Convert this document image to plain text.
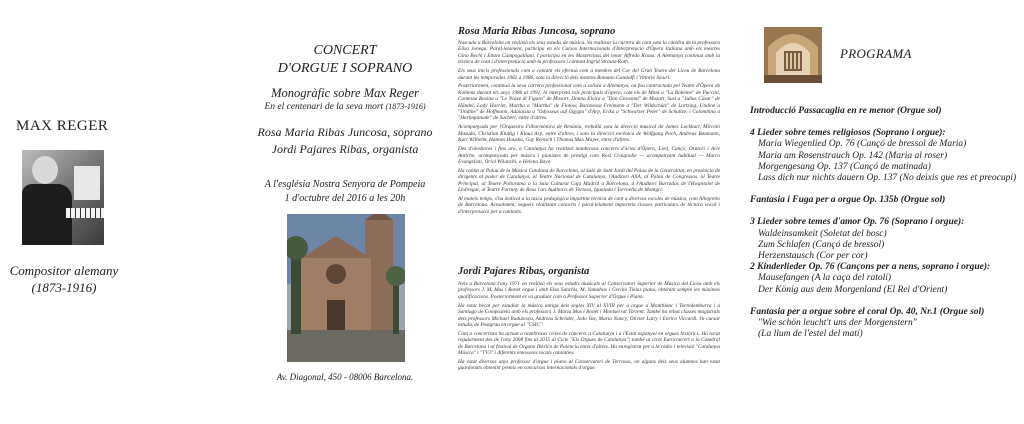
MAX REGER
Compositor alemany
(1873-1916)
CONCERT
D'ORGUE I SOPRANO
Monogràfic sobre Max Reger
En el centenari de la seva mort (1873-1916)
Rosa Maria Ribas Juncosa, soprano
Jordi Pajares Ribas, organista
A l'església Nostra Senyora de Pompeia
1 d'octubre del 2016 a les 20h
Av. Diagonal, 450 - 08006 Barcelona.
Rosa Maria Ribas Juncosa, soprano

Nascuda a Barcelona on realitzà els seus estudis de música. Va realitzar la carrera de cant sota la càtedra de la professora Elisa Jonega. Paral·lelament, participa en els Cursos Internacionals d'Interpretació d'Òpera Italiana amb els mestres Gino Bechi i Ettore Campogalliani. I participa en les Masterclass del tenor Alfredo Kraus. A Alemanya continuà amb la tècnica de cant i d'interpretació amb la professora i cantant Ingrid Strautz-Roth.

Els seus inicis professionals com a cantant els efectuà com a membre del Cor del Gran Teatre del Liceu de Barcelona durant les temporades 1982 a 1986, sota la direcció dels mestres Romano Gandolfi i Vittorio Sicuri.

Posteriorment, continuà la seva carrera professional com a solista a Alemanya, on fou contractada pel Teatre d'Òpera de Koblenz durant els anys 1986 al 1991, hi interpretà rols principals d'òpera, com els de Mimì a "La Bohème" de Puccini, Contessa Rosina a "Le Nozze di Figaro" de Mozart, Donna Elvira a "Don Giovanni" de Mozart, Susi a "Julius Cäsar" de Händel, Lady Harriet, Martha a "Martha" de Flotow, Baronessa Freimann a "Der Wildschütz" de Lortzing, Undine a "Undine" de Hoffmann, Adalaisia a "Odysseus auf Ogygia" d'Arp, Erika a "Schwarzer Peter" de Schultze, i Colombina a "Harlequinade" de Suchert, entre d'altres.

Acompanyada per l'Orquestra Filharmònica de Renània, treballà sota la direcció musical de James Lockhart, Mircolò Masuda, Christian Kluttig i Klaus Arp, entre d'altres, i sota la direcció escènica de Wolfgang Poch, Andreas Baumann, Kurt Wilhelm, Hannes Houska, Guy Reinsch i Thomas Max Mayer, entre d'altres.

Des d'aleshores i fins ara, a Catalunya ha realitzat nombrosos concerts d'àries d'Òpera, Lied, Cançó, Oratori i Arie Antiche, acompanyada per músics i pianistes de prestigi com Rosi Craignolle — acompanyant habitual — Marco Evangelisti, Oriol Wilanchi, o Helena Bayo.

Ha cantat al Palau de la Música Catalana de Barcelona, al Saló de Sant Jordi del Palau de la Generalitat, en presència de dirigents al poder de Catalunya, al Teatre Nacional de Catalunya, l'Auditori AXA, al Palau de Congressos, al Teatre Principal, al Teatre Poliorama o la Sala Cultural Caja Madrid a Barcelona, a l'Auditori Barradas de l'Hospitalet de Llobregat, al Teatre Fortuny de Reus i als Auditoris de Tortosa, Igualada i Torroella de Montgrí.

Al mateix temps, s'ha dedicat a la tasca pedagògica impartint tècnica de cant a diversos escoles de música, com Allegretto de Barcelona. Actualment, segueix realitzant concerts i paral·lelament imparteix classes particulars de tècnica vocal i d'interpretació per a cantants.

Jordi Pajares Ribas, organista

Neix a Barcelona l'any 1971 on realitzà els seus estudis musicals al Conservatori Superior de Música del Liceu amb els professors J. M. Mas i Bonet orgue i amb Elsa Sanchis, M. Yamahoo i Cecilio Tielas piano, obtenint sempre les màximes qualificacions. Posteriorment es va graduar com a Professor Superior d'Orgue i Piano.

Ha estat becat per estudiar la música antiga dels segles XIV al XVIII per a orgue a Montblanc i Torredembarra i a Santiago de Compostela amb els professors J. Maria Mas i Bonet i Montserrat Torrent. També ha rebut classes magistrals dels professors Michael Radulescu, Andreas Schröder, Jodo Vaz, Maria Nancy, Olivier Latry i Enrico Viccardi. Va cursar estudis de Postgrau en orgue al "CSIC".

Com a concertista ha actuat a nombrosos cicles de concerts a Catalunya i a l'Estat espanyol en orgues històrics. Ha tocat regularment des de l'any 2008 fins al 2015 al Cicle "Els Orgues de Catalunya"; també al cicle Euroconcert a la Catedral de Barcelona i al festival de Organo Ibèrico de Palència entre d'altres. Ha enregistrat per a la ràdio i televisió "Catalunya Música" i "TV3" i diferents emissores locals catalanes.

Ha estat diversos anys professor d'orgue i piano al Conservatori de Terrassa, on alguns dels seus alumnes han estat guardonats obtenint premis en concursos internacionals d'orgue.

PROGRAMA
Introducció Passacaglia en re menor (Orgue sol)
4 Lieder sobre temes religiosos (Soprano i orgue):
Maria Wiegenlied Op. 76 (Cançó de bressol de Maria)
Maria am Rosenstrauch Op. 142 (Maria al roser)
Morgengesang Op. 137 (Cançó de matinada)
Lass dich nur nichts dauern Op. 137 (No deixis que res et preocupi)
Fantasia i Fuga per a orgue Op. 135b (Orgue sol)
3 Lieder sobre temes d'amor Op. 76 (Soprano i orgue):
Waldeinsamkeit (Soletat del bosc)
Zum Schlafen (Cançó de bressol)
Herzenstausch (Cor per cor)
2 Kinderlieder Op. 76 (Cançons per a nens, soprano i orgue):
Mausefangen (A la caça del ratolí)
Der König aus dem Morgenland (El Rei d'Orient)
Fantasia per a orgue sobre el coral Op. 40, Nr.1 (Orgue sol)
"Wie schön leucht't uns der Morgenstern"
(La llum de l'estel del matí)
